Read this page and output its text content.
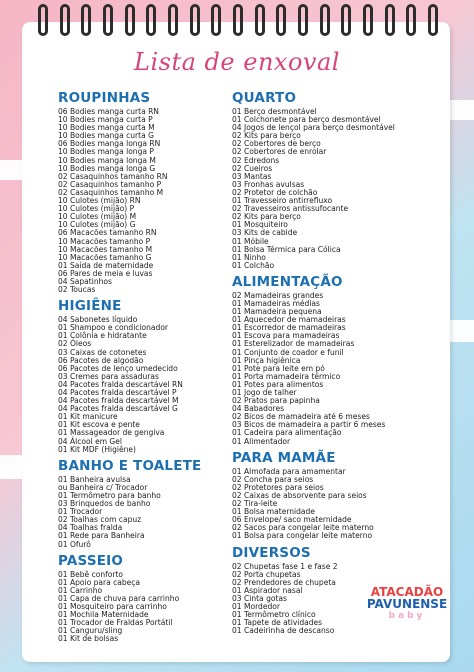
Lista de enxoval
ROUPINHAS
06 Bodies manga curta RN
10 Bodies manga curta P
10 Bodies manga curta M
10 Bodies manga curta G
06 Bodies manga longa RN
10 Bodies manga longa P
10 Bodies manga longa M
10 Bodies manga longa G
02 Casaquinhos tamanho RN
02 Casaquinhos tamanho P
02 Casaquinhos tamanho M
10 Culotes (mijão) RN
10 Culotes (mijão) P
10 Culotes (mijão) M
10 Culotes (mijão) G
06 Macacões tamanho RN
10 Macacões tamanho P
10 Macacões tamanho M
10 Macacões tamanho G
01 Saída de maternidade
06 Pares de meia e luvas
04 Sapatinhos
02 Toucas
HIGIÊNE
04 Sabonetes líquido
01 Shampoo e condicionador
01 Colônia e hidratante
02 Óleos
03 Caixas de cotonetes
06 Pacotes de algodão
06 Pacotes de lenço umedecido
03 Cremes para assaduras
04 Pacotes fralda descartável RN
04 Pacotes fralda descartável P
04 Pacotes fralda descartável M
04 Pacotes fralda descartável G
01 Kit manicure
01 Kit escova e pente
01 Massageador de gengiva
04 Álcool em Gel
01 Kit MDF (Higiêne)
BANHO E TOALETE
01 Banheira avulsa
ou Banheira c/ Trocador
01 Termômetro para banho
03 Brinquedos de banho
01 Trocador
02 Toalhas com capuz
04 Toalhas fralda
01 Rede para Banheira
01 Ofurô
PASSEIO
01 Bebê conforto
01 Apoio para cabeça
01 Carrinho
01 Capa de chuva para carrinho
01 Mosquiteiro para carrinho
01 Mochila Maternidade
01 Trocador de Fraldas Portátil
01 Canguru/sling
01 Kit de bolsas
QUARTO
01 Berço desmontável
01 Colchonete para berço desmontável
04 Jogos de lençol para berço desmontável
02 Kits para berço
02 Cobertores de berço
02 Cobertores de enrolar
02 Edredons
02 Cueiros
03 Mantas
03 Fronhas avulsas
02 Protetor de colchão
01 Travesseiro antirrefluxo
02 Travesseiros antissufocante
02 Kits para berço
01 Mosquiteiro
03 Kits de cabide
01 Móbile
01 Bolsa Térmica para Cólica
01 Ninho
01 Colchão
ALIMENTAÇÃO
02 Mamadeiras grandes
01 Mamadeiras médias
01 Mamadeira pequena
01 Aquecedor de mamadeiras
01 Escorredor de mamadeiras
01 Escova para mamadeiras
01 Esterelizador de mamadeiras
01 Conjunto de coador e funil
01 Pinça higiênica
01 Pote para leite em pó
01 Porta mamadeira térmico
01 Potes para alimentos
01 Jogo de talher
02 Pratos para papinha
04 Babadores
02 Bicos de mamadeira até 6 meses
03 Bicos de mamadeira a partir 6 meses
01 Cadeira para alimentação
01 Alimentador
PARA MAMÃE
01 Almofada para amamentar
02 Concha para seios
02 Protetores para seios
02 Caixas de absorvente para seios
02 Tira-leite
01 Bolsa maternidade
06 Envelope/ saco maternidade
02 Sacos para congelar leite materno
01 Bolsa para congelar leite materno
DIVERSOS
02 Chupetas fase 1 e fase 2
02 Porta chupetas
02 Prendedores de chupeta
01 Aspirador nasal
03 Cinta gotas
01 Mordedor
01 Termômetro clínico
01 Tapete de atividades
01 Cadeirinha de descanso
ATACADÃO
PAVUNENSE
baby
